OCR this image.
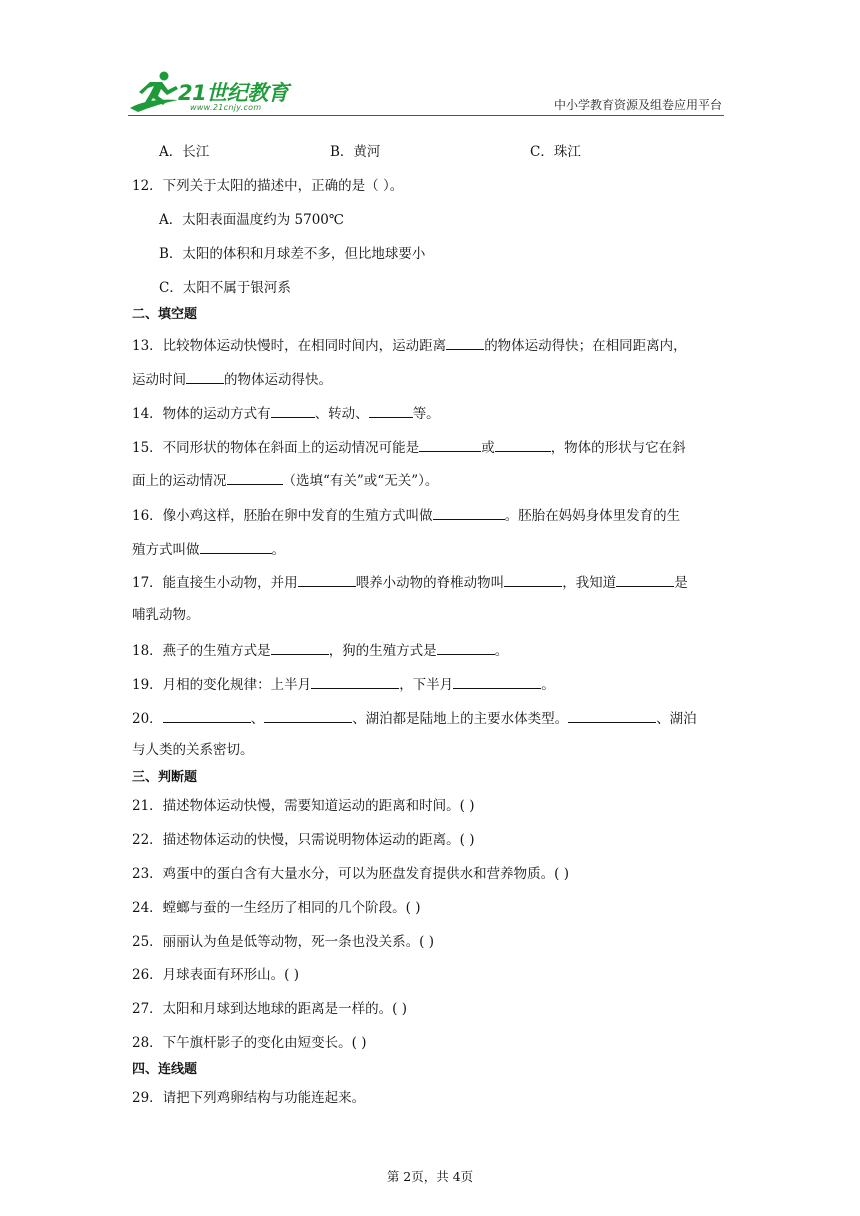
21世纪教育
www.21cnjy.com	中小学教育资源及组卷应用平台
A．长江	B．黄河	C．珠江
12．下列关于太阳的描述中，正确的是（ ）。
A．太阳表面温度约为 5700℃
B．太阳的体积和月球差不多，但比地球要小
C．太阳不属于银河系
二、填空题
13．比较物体运动快慢时，在相同时间内，运动距离	的物体运动得快；在相同距离内，
运动时间	的物体运动得快。
14．物体的运动方式有	、转动、	等。
15．不同形状的物体在斜面上的运动情况可能是	或	，物体的形状与它在斜
面上的运动情况	（选填“有关”或“无关”）。
16．像小鸡这样，胚胎在卵中发育的生殖方式叫做	。胚胎在妈妈身体里发育的生
殖方式叫做	。
17．能直接生小动物，并用	喂养小动物的脊椎动物叫	，我知道	是
哺乳动物。
18．燕子的生殖方式是	，狗的生殖方式是	。
19．月相的变化规律：上半月	，下半月	。
20．	、	、湖泊都是陆地上的主要水体类型。	、湖泊
与人类的关系密切。
三、判断题
21．描述物体运动快慢，需要知道运动的距离和时间。( )
22．描述物体运动的快慢，只需说明物体运动的距离。( )
23．鸡蛋中的蛋白含有大量水分，可以为胚盘发育提供水和营养物质。( )
24．螳螂与蚕的一生经历了相同的几个阶段。( )
25．丽丽认为鱼是低等动物，死一条也没关系。( )
26．月球表面有环形山。( )
27．太阳和月球到达地球的距离是一样的。( )
28．下午旗杆影子的变化由短变长。( )
四、连线题
29．请把下列鸡卵结构与功能连起来。
第 2页，共 4页
